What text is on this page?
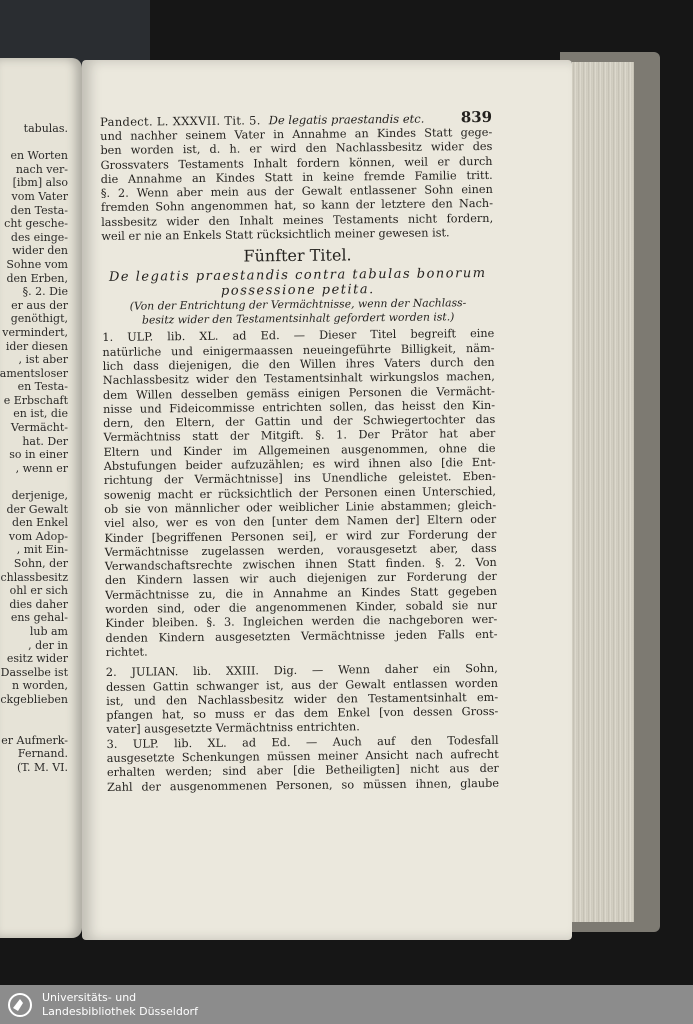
tabulas.
en Worten
nach ver-
[ibm] also
vom Vater
den Testa-
cht gesche-
des einge-
wider den
Sohne vom
den Erben,
§. 2. Die
er aus der
genöthigt,
vermindert,
ider diesen
, ist aber
amentsloser
en Testa-
e Erbschaft
en ist, die
Vermächt-
hat. Der
so in einer
, wenn er
derjenige,
der Gewalt
den Enkel
vom Adop-
, mit Ein-
Sohn, der
chlassbesitz
ohl er sich
dies daher
ens gehal-
lub am
, der in
esitz wider
Dasselbe ist
n worden,
ckgeblieben
er Aufmerk-
Fernand.
(T. M. VI.
Pandect. L. XXXVII. Tit. 5. De legatis praestandis etc.	839
und nachher seinem Vater in Annahme an Kindes Statt gege-
ben worden ist, d. h. er wird den Nachlassbesitz wider des
Grossvaters Testaments Inhalt fordern können, weil er durch
die Annahme an Kindes Statt in keine fremde Familie tritt.
§. 2. Wenn aber mein aus der Gewalt entlassener Sohn einen
fremden Sohn angenommen hat, so kann der letztere den Nach-
lassbesitz wider den Inhalt meines Testaments nicht fordern,
weil er nie an Enkels Statt rücksichtlich meiner gewesen ist.
Fünfter Titel.
De legatis praestandis contra tabulas bonorum
possessione petita.
(Von der Entrichtung der Vermächtnisse, wenn der Nachlass-
besitz wider den Testamentsinhalt gefordert worden ist.)
1. ULP. lib. XL. ad Ed. — Dieser Titel begreift eine
natürliche und einigermaassen neueingeführte Billigkeit, näm-
lich dass diejenigen, die den Willen ihres Vaters durch den
Nachlassbesitz wider den Testamentsinhalt wirkungslos machen,
dem Willen desselben gemäss einigen Personen die Vermächt-
nisse und Fideicommisse entrichten sollen, das heisst den Kin-
dern, den Eltern, der Gattin und der Schwiegertochter das
Vermächtniss statt der Mitgift. §. 1. Der Prätor hat aber
Eltern und Kinder im Allgemeinen ausgenommen, ohne die
Abstufungen beider aufzuzählen; es wird ihnen also [die Ent-
richtung der Vermächtnisse] ins Unendliche geleistet. Eben-
sowenig macht er rücksichtlich der Personen einen Unterschied,
ob sie von männlicher oder weiblicher Linie abstammen; gleich-
viel also, wer es von den [unter dem Namen der] Eltern oder
Kinder [begriffenen Personen sei], er wird zur Forderung der
Vermächtnisse zugelassen werden, vorausgesetzt aber, dass
Verwandschaftsrechte zwischen ihnen Statt finden. §. 2. Von
den Kindern lassen wir auch diejenigen zur Forderung der
Vermächtnisse zu, die in Annahme an Kindes Statt gegeben
worden sind, oder die angenommenen Kinder, sobald sie nur
Kinder bleiben. §. 3. Ingleichen werden die nachgeboren wer-
denden Kindern ausgesetzten Vermächtnisse jeden Falls ent-
richtet.
2. JULIAN. lib. XXIII. Dig. — Wenn daher ein Sohn,
dessen Gattin schwanger ist, aus der Gewalt entlassen worden
ist, und den Nachlassbesitz wider den Testamentsinhalt em-
pfangen hat, so muss er das dem Enkel [von dessen Gross-
vater] ausgesetzte Vermächtniss entrichten.
3. ULP. lib. XL. ad Ed. — Auch auf den Todesfall
ausgesetzte Schenkungen müssen meiner Ansicht nach aufrecht
erhalten werden; sind aber [die Betheiligten] nicht aus der
Zahl der ausgenommenen Personen, so müssen ihnen, glaube
Universitäts- und
Landesbibliothek Düsseldorf
